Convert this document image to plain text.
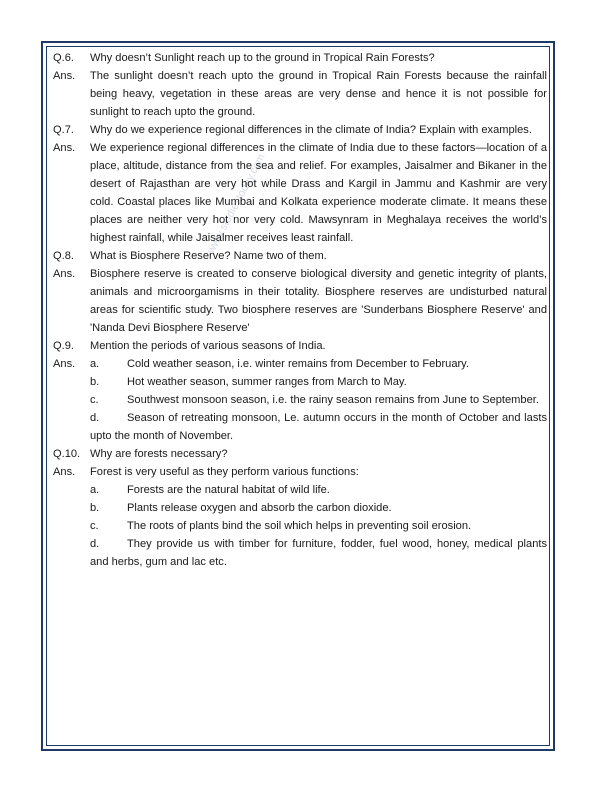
www.studiestoday.com
Q.6.	Why doesn’t Sunlight reach up to the ground in Tropical Rain Forests?
Ans.	The sunlight doesn’t reach upto the ground in Tropical Rain Forests because the rainfall being heavy, vegetation in these areas are very dense and hence it is not possible for sunlight to reach upto the ground.
Q.7.	Why do we experience regional differences in the climate of India? Explain with examples.
Ans.	We experience regional differences in the climate of India due to these factors—location of a place, altitude, distance from the sea and relief. For examples, Jaisalmer and Bikaner in the desert of Rajasthan are very hot while Drass and Kargil in Jammu and Kashmir are very cold. Coastal places like Mumbai and Kolkata experience moderate climate. It means these places are neither very hot nor very cold. Mawsynram in Meghalaya receives the world’s highest rainfall, while Jaisalmer receives least rainfall.
Q.8.	What is Biosphere Reserve? Name two of them.
Ans.	Biosphere reserve is created to conserve biological diversity and genetic integrity of plants, animals and microorgamisms in their totality. Biosphere reserves are undisturbed natural areas for scientific study. Two biosphere reserves are 'Sunderbans Biosphere Reserve' and 'Nanda Devi Biosphere Reserve'
Q.9.	Mention the periods of various seasons of India.
Ans.	a.	Cold weather season, i.e. winter remains from December to February.
b.	Hot weather season, summer ranges from March to May.
c.	Southwest monsoon season, i.e. the rainy season remains from June to September.
d. Season of retreating monsoon, Le. autumn occurs in the month of October and lasts upto the month of November.
Q.10. Why are forests necessary?
Ans.	Forest is very useful as they perform various functions:
a.	Forests are the natural habitat of wild life.
b.	Plants release oxygen and absorb the carbon dioxide.
c.	The roots of plants bind the soil which helps in preventing soil erosion.
d. They provide us with timber for furniture, fodder, fuel wood, honey, medical plants and herbs, gum and lac etc.
